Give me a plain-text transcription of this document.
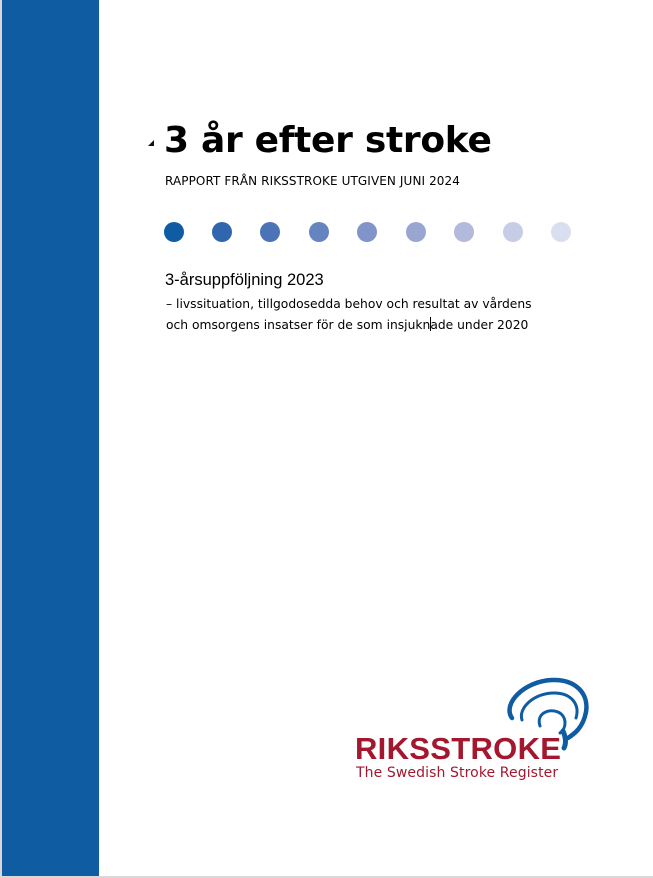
3 år efter stroke
RAPPORT FRÅN RIKSSTROKE UTGIVEN JUNI 2024
3-årsuppföljning 2023
– livssituation, tillgodosedda behov och resultat av vårdens
och omsorgens insatser för de som insjuknade under 2020
RIKSSTROKE
The Swedish Stroke Register
